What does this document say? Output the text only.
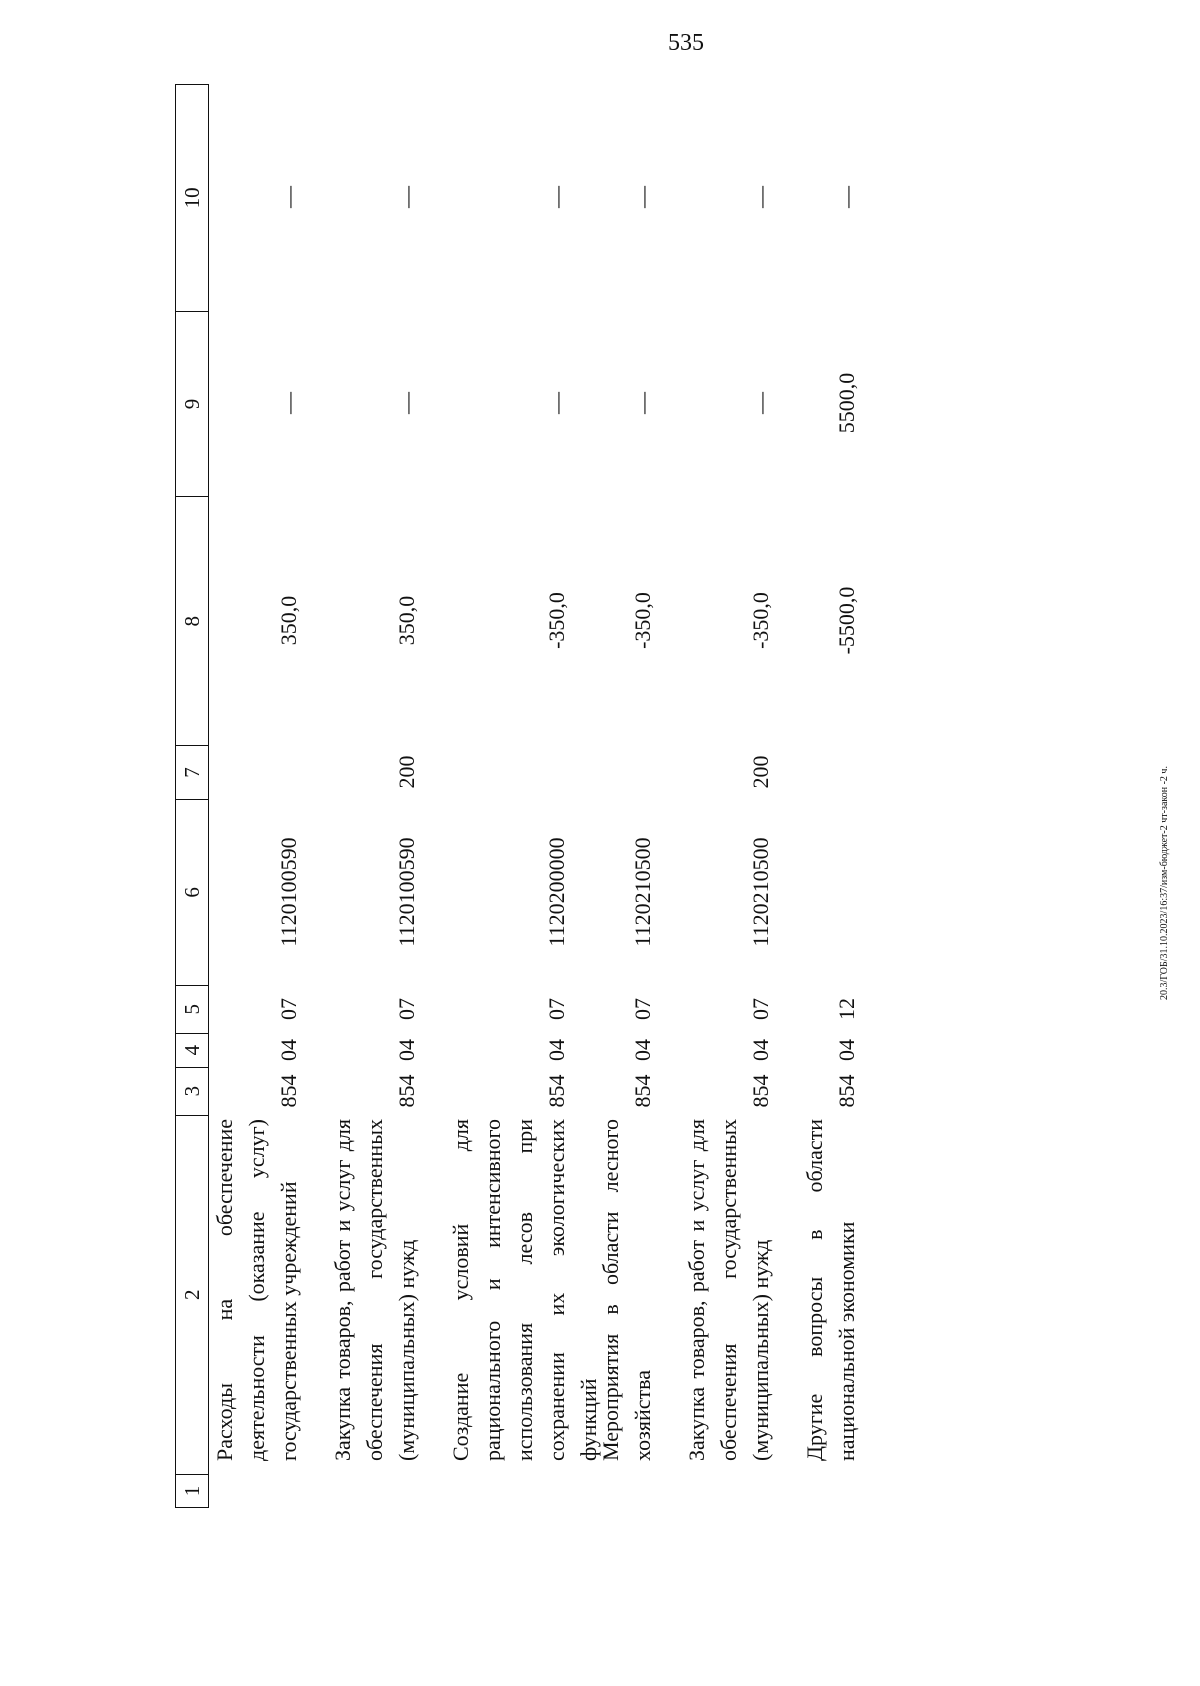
535
20.3/ГОБ/31.10.2023/16:37/изм-бюджет-2 чт-закон -2 ч.
1
2
3
4
5
6
7
8
9
10
Расходы на обеспечение деятельности (оказание услуг) государственных учреждений
854
04
07
1120100590
350,0
—
—
Закупка товаров, работ и услуг для обеспечения государственных (муниципальных) нужд
854
04
07
1120100590
200
350,0
—
—
Создание условий для рационального и интенсивного использования лесов при сохранении их экологических функций
854
04
07
1120200000
-350,0
—
—
Мероприятия в области лесного хозяйства
854
04
07
1120210500
-350,0
—
—
Закупка товаров, работ и услуг для обеспечения государственных (муниципальных) нужд
854
04
07
1120210500
200
-350,0
—
—
Другие вопросы в области национальной экономики
854
04
12
-5500,0
5500,0
—
